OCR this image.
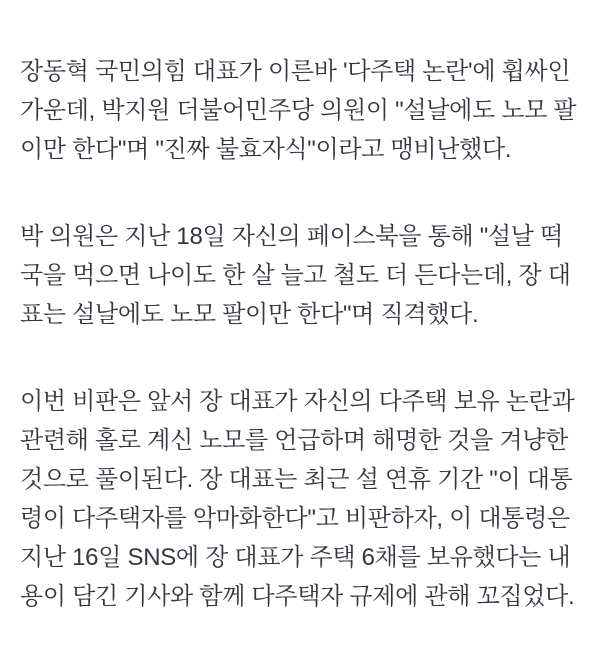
장동혁 국민의힘 대표가 이른바 '다주택 논란'에 휩싸인 가운데, 박지원 더불어민주당 의원이 "설날에도 노모 팔이만 한다"며 "진짜 불효자식"이라고 맹비난했다.

박 의원은 지난 18일 자신의 페이스북을 통해 "설날 떡국을 먹으면 나이도 한 살 늘고 철도 더 든다는데, 장 대표는 설날에도 노모 팔이만 한다"며 직격했다.

이번 비판은 앞서 장 대표가 자신의 다주택 보유 논란과 관련해 홀로 계신 노모를 언급하며 해명한 것을 겨냥한 것으로 풀이된다. 장 대표는 최근 설 연휴 기간 "이 대통령이 다주택자를 악마화한다"고 비판하자, 이 대통령은 지난 16일 SNS에 장 대표가 주택 6채를 보유했다는 내용이 담긴 기사와 함께 다주택자 규제에 관해 꼬집었다.
